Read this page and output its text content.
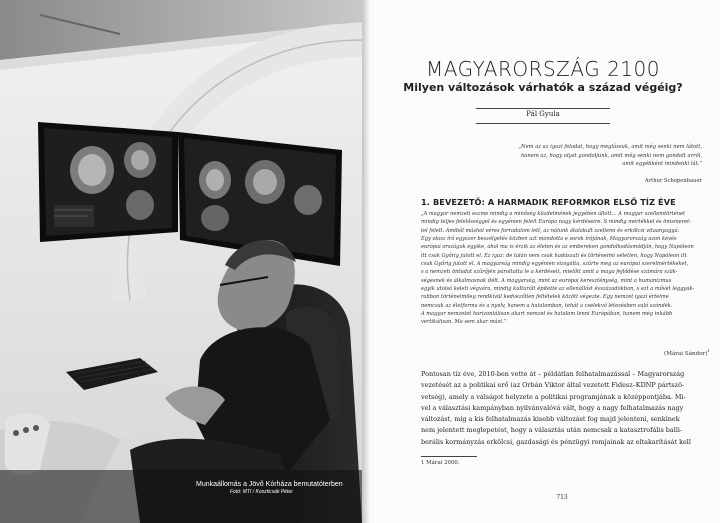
Munkaállomás a Jövő Kórháza bemutatóterben
Fotó: MTI / Koszticsák Péter
MAGYARORSZÁG 2100
Milyen változások várhatók a század végéig?
Pál Gyula
„Nem az az igazi feladat, hogy meglássuk, amit még senki nem látott,
hanem az, hogy olyat gondoljunk, amit még senki nem gondolt arról,
amit egyébként mindenki lát.”
Arthur Schopenhauer
1. BEVEZETŐ: A HARMADIK REFORMKOR ELSŐ TÍZ ÉVE
„A magyar nemzeti eszme mindig a minőség küzdelmének jegyében állott… A magyar szellemtörténet
mindig teljes felelősséggel és egyénien felelt Európa nagy kérdéseire. S mindig mértékkel és önismeret-
tel felelt. Amiből máshol véres forradalom lett, az nálunk átalakult szellemi és erkölcsi vitaanyaggá.
Egy olasz író egyszer beszélgetés közben azt mondotta e sorok írójának, Magyarország azon kevés
európai országok egyike, ahol ma is érzik az életen és az embereken gondolkodásmódján, hogy Napóleon
itt csak Győrig jutott el. Ez igaz: de talán nem csak hadászati és történelmi véletlen, hogy Napóleon itt
csak Győrig jutott el. A magyarság mindig egyénien vizsgálta, szűrte meg az európai szerelmértékeket,
s a nemzeti öntudat szűrőjén pároltatta le a kérdéseit, mielőtt amit a maga fejlődése számára szük-
ségesnek és alkalmasnak ítélt. A magyarság, mint az európai kereszténység, mint a humanizmus
egyik utolsó keleti végvára, mindig kulturált építette az ellenállást évszázadokban, s ezt a mővét leggyak-
rabban történelmileg rendkívül kedvezőtlen feltételek között végezte. Egy nemzet igazi értelme
nemcsak az életforma és a nyelv, hanem a hatalomban, tehát a cselekvő létezésben való szándék.
A magyar nemzetet horizontálisan akart nemzet és hatalom lenni Európában, hanem még inkább
vertikálisan. Ma sem akar mást.”
(Márai Sándor)$^1$
Pontosan tíz éve, 2010-ben vette át – példátlan felhatalmazással – Magyarország
vezetését az a politikai erő (az Orbán Viktor által vezetett Fidesz–KDNP pártszö-
vetség), amely a válságot helyzete a politikai programjának a középpontjába. Mi-
vel a választási kampányban nyilvánvalóvá vált, hogy a nagy felhatalmazás nagy
változást, míg a kis felhatalmazás kisebb változást fog majd jelenteni, senkinek
nem jelentett meglepetést, hogy a választás után nemcsak a katasztrofális balli-
berális kormányzás erkölcsi, gazdasági és pénzügyi romjainak az eltakarítását kell
1 Márai 2000.
713
